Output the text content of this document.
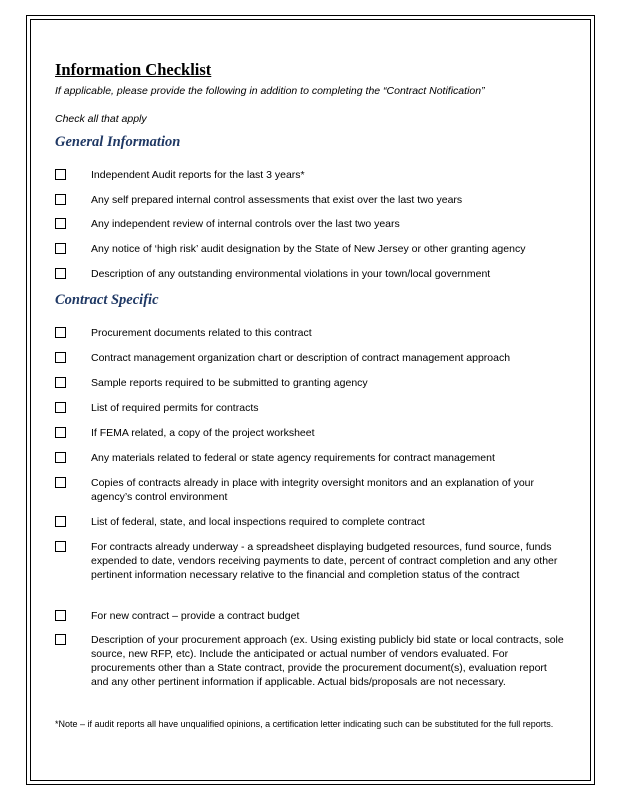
Information Checklist
If applicable, please provide the following in addition to completing the “Contract Notification”
Check all that apply
General Information
Independent Audit reports for the last 3 years*
Any self prepared internal control assessments that exist over the last two years
Any independent review of internal controls over the last two years
Any notice of ‘high risk’ audit designation by the State of New Jersey or other granting agency
Description of any outstanding environmental violations in your town/local government
Contract Specific
Procurement documents related to this contract
Contract management organization chart or description of contract management approach
Sample reports required to be submitted to granting agency
List of required permits for contracts
If FEMA related, a copy of the project worksheet
Any materials related to federal or state agency requirements for contract management
Copies of contracts already in place with integrity oversight monitors and an explanation of your agency’s control environment
List of federal, state, and local inspections required to complete contract
For contracts already underway - a spreadsheet displaying budgeted resources, fund source, funds expended to date, vendors receiving payments to date, percent of contract completion and any other pertinent information necessary relative to the financial and completion status of the contract
For new contract – provide a contract budget
Description of your procurement approach (ex. Using existing publicly bid state or local contracts, sole source, new RFP, etc). Include the anticipated or actual number of vendors evaluated. For procurements other than a State contract, provide the procurement document(s), evaluation report and any other pertinent information if applicable. Actual bids/proposals are not necessary.
*Note – if audit reports all have unqualified opinions, a certification letter indicating such can be substituted for the full reports.
